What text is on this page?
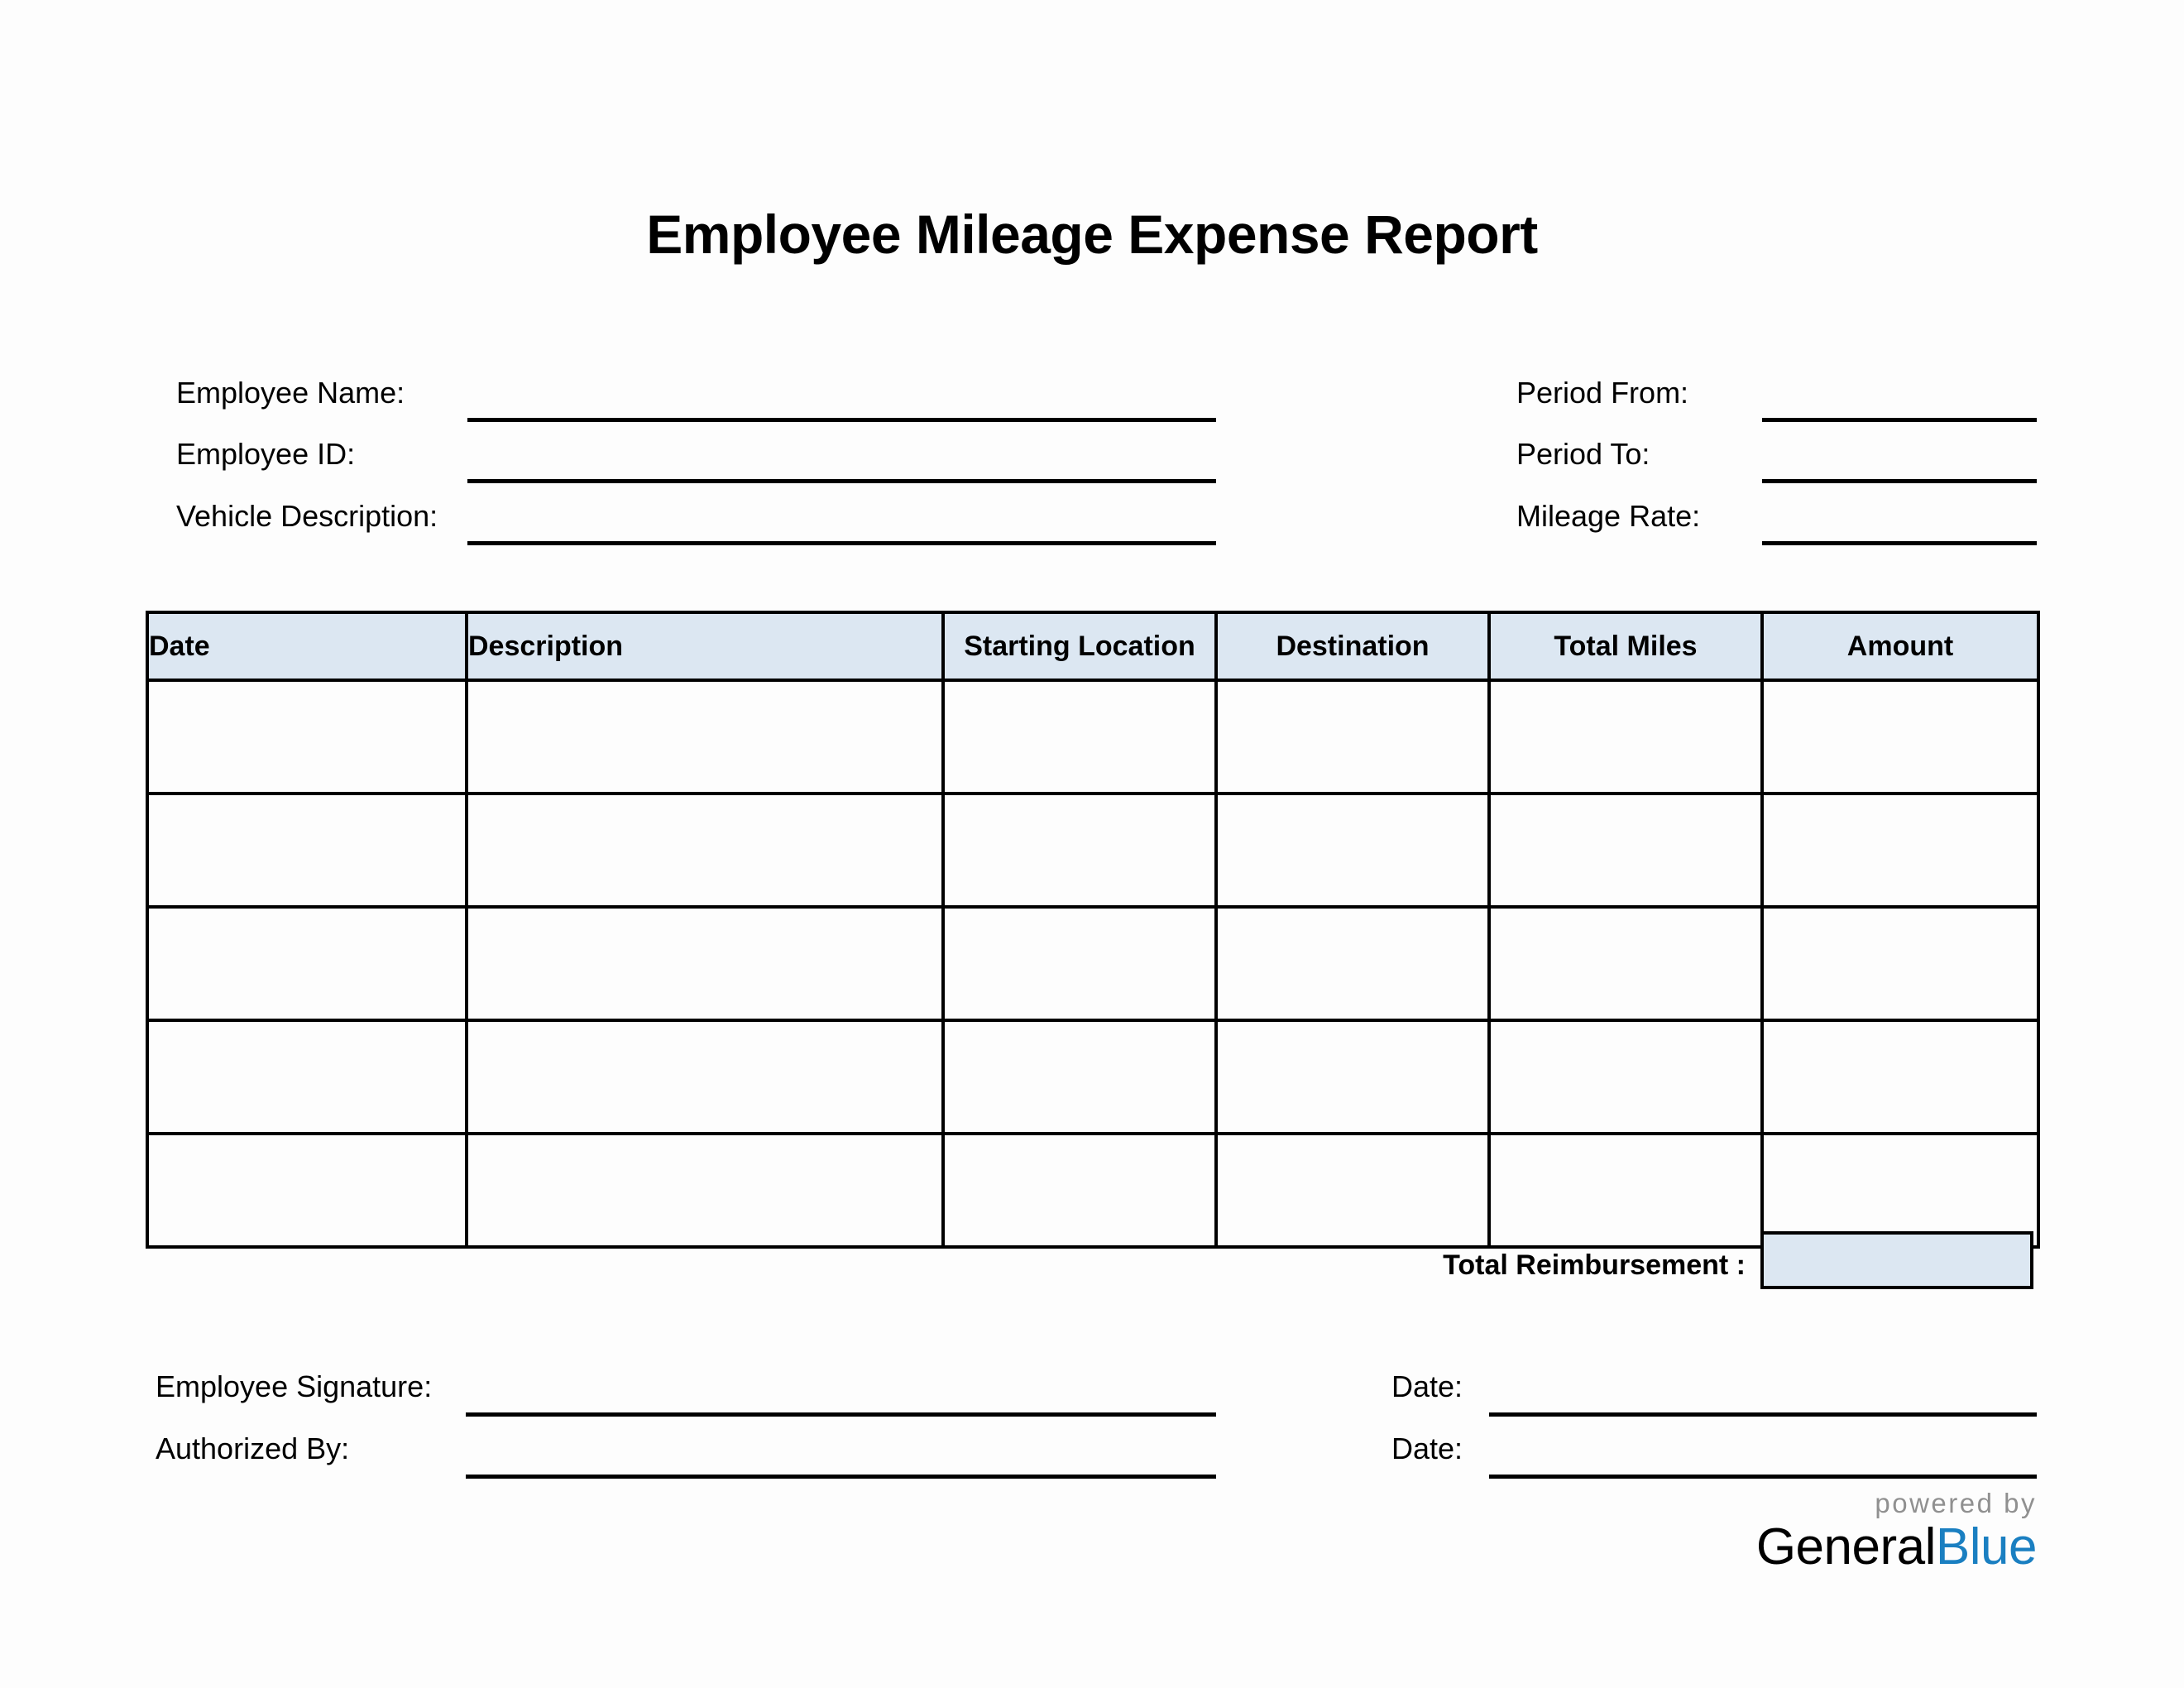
Employee Mileage Expense Report
Employee Name:
Employee ID:
Vehicle Description:
Period From:
Period To:
Mileage Rate:
Date	Description	Starting Location	Destination	Total Miles	Amount

Total Reimbursement :
Employee Signature:
Authorized By:
Date:
Date:
powered by
GeneralBlue
